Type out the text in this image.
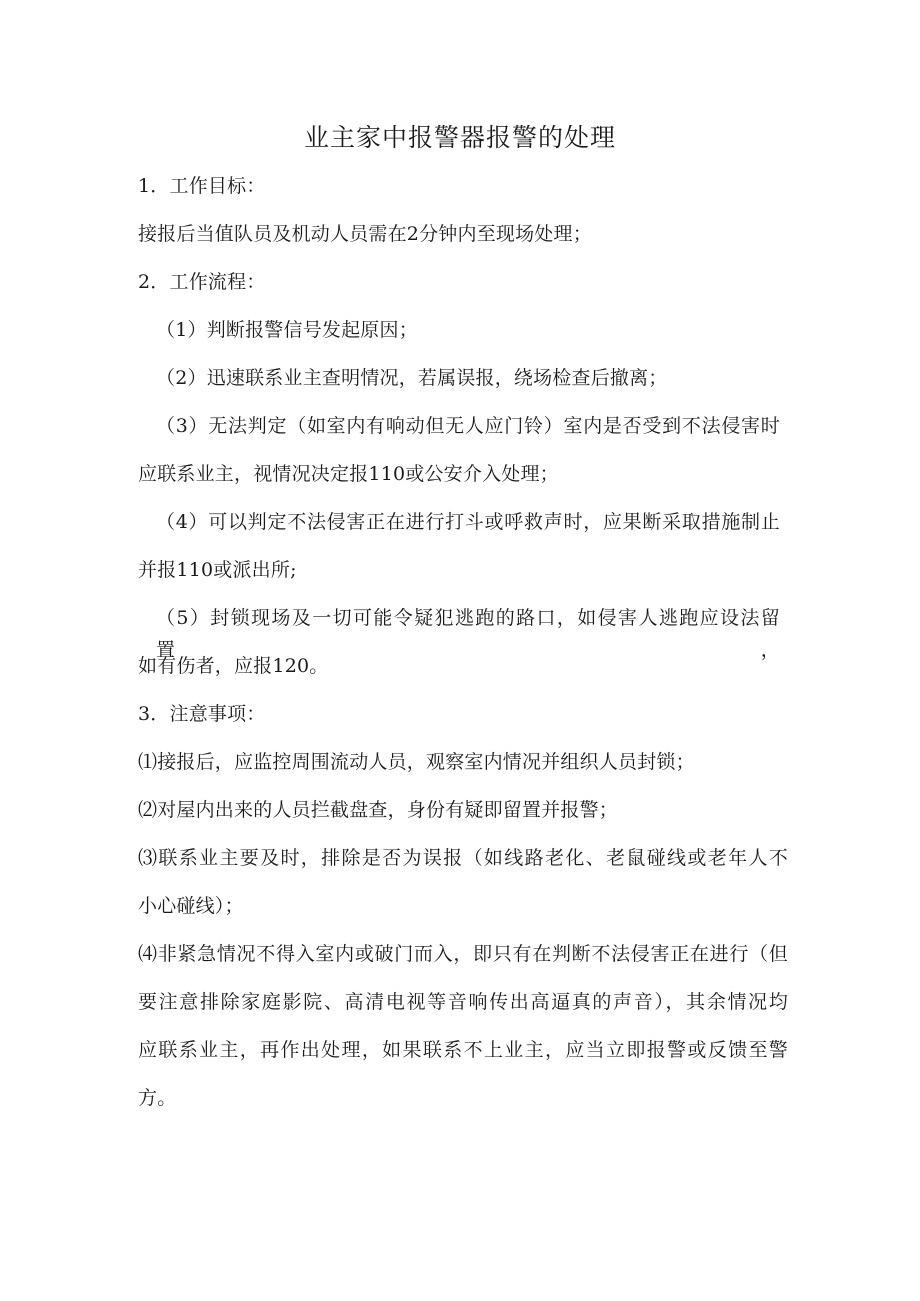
业主家中报警器报警的处理
1．工作目标：
接报后当值队员及机动人员需在2分钟内至现场处理；
2．工作流程：
（1）判断报警信号发起原因；
（2）迅速联系业主查明情况，若属误报，绕场检查后撤离；
（3）无法判定（如室内有响动但无人应门铃）室内是否受到不法侵害时
应联系业主，视情况决定报110或公安介入处理；
（4）可以判定不法侵害正在进行打斗或呼救声时，应果断采取措施制止
并报110或派出所;
（5）封锁现场及一切可能令疑犯逃跑的路口，如侵害人逃跑应设法留置，
如有伤者，应报120。
3．注意事项：
⑴接报后，应监控周围流动人员，观察室内情况并组织人员封锁；
⑵对屋内出来的人员拦截盘查，身份有疑即留置并报警；
⑶联系业主要及时，排除是否为误报（如线路老化、老鼠碰线或老年人不
小心碰线）；
⑷非紧急情况不得入室内或破门而入，即只有在判断不法侵害正在进行（但
要注意排除家庭影院、高清电视等音响传出高逼真的声音），其余情况均
应联系业主，再作出处理，如果联系不上业主，应当立即报警或反馈至警
方。
